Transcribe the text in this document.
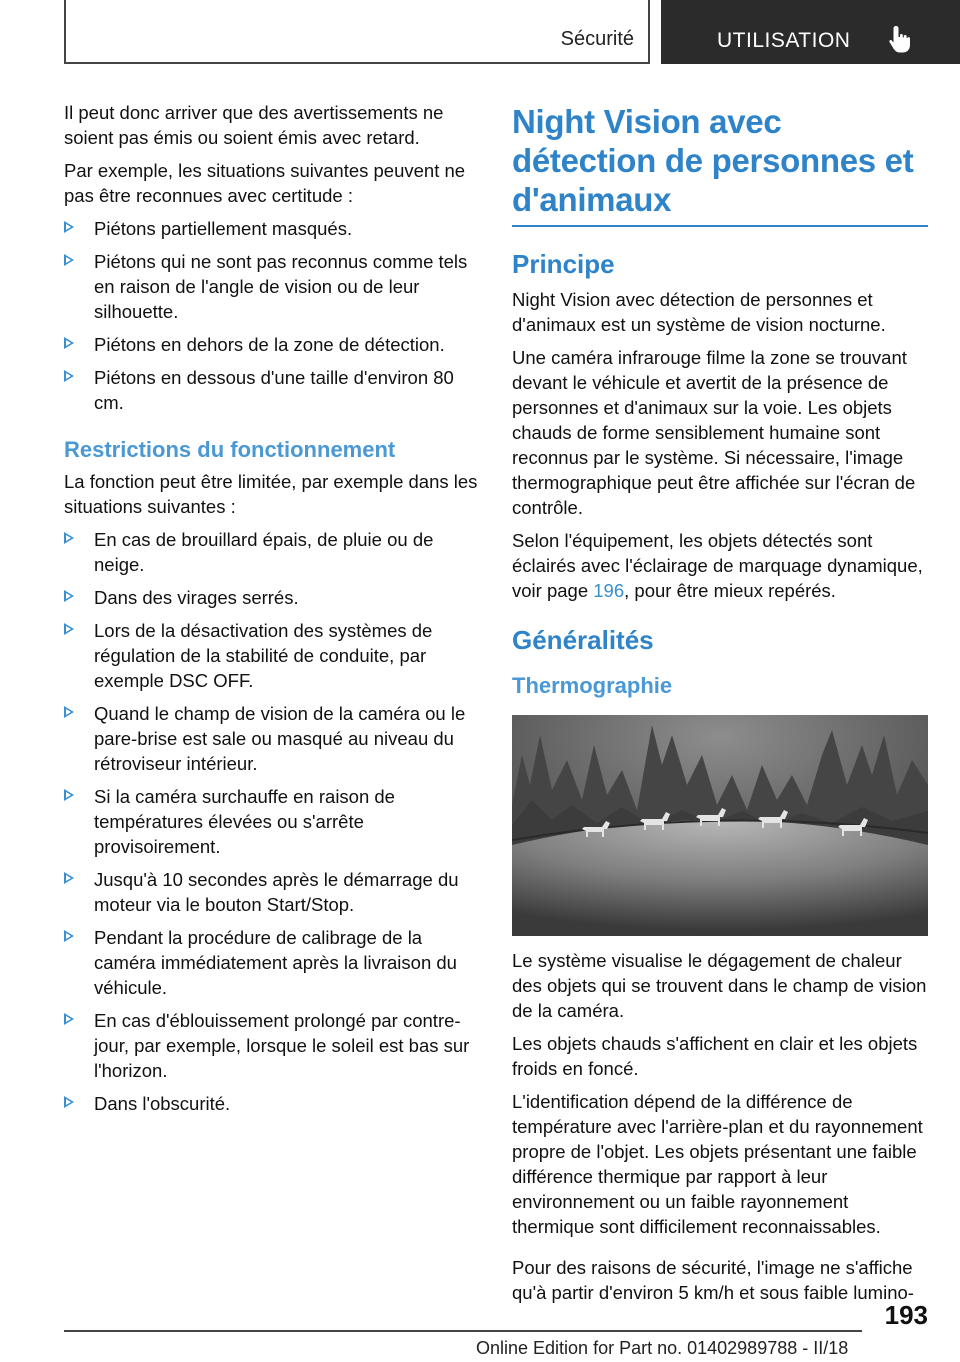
Sécurité	UTILISATION

Il peut donc arriver que des avertissements ne soient pas émis ou soient émis avec retard.

Par exemple, les situations suivantes peuvent ne pas être reconnues avec certitude :

Piétons partiellement masqués.
Piétons qui ne sont pas reconnus comme tels en raison de l'angle de vision ou de leur silhouette.
Piétons en dehors de la zone de détection.
Piétons en dessous d'une taille d'environ 80 cm.
Restrictions du fonctionnement

La fonction peut être limitée, par exemple dans les situations suivantes :

En cas de brouillard épais, de pluie ou de neige.
Dans des virages serrés.
Lors de la désactivation des systèmes de régulation de la stabilité de conduite, par exemple DSC OFF.
Quand le champ de vision de la caméra ou le pare-brise est sale ou masqué au niveau du rétroviseur intérieur.
Si la caméra surchauffe en raison de températures élevées ou s'arrête provisoirement.
Jusqu'à 10 secondes après le démarrage du moteur via le bouton Start/Stop.
Pendant la procédure de calibrage de la caméra immédiatement après la livraison du véhicule.
En cas d'éblouissement prolongé par contre-jour, par exemple, lorsque le soleil est bas sur l'horizon.
Dans l'obscurité.
Night Vision avec détection de personnes et d'animaux
Principe

Night Vision avec détection de personnes et d'animaux est un système de vision nocturne.

Une caméra infrarouge filme la zone se trouvant devant le véhicule et avertit de la présence de personnes et d'animaux sur la voie. Les objets chauds de forme sensiblement humaine sont reconnus par le système. Si nécessaire, l'image thermographique peut être affichée sur l'écran de contrôle.

Selon l'équipement, les objets détectés sont éclairés avec l'éclairage de marquage dynamique, voir page 196, pour être mieux repérés.

Généralités
Thermographie

Le système visualise le dégagement de chaleur des objets qui se trouvent dans le champ de vision de la caméra.

Les objets chauds s'affichent en clair et les objets froids en foncé.

L'identification dépend de la différence de température avec l'arrière-plan et du rayonnement propre de l'objet. Les objets présentant une faible différence thermique par rapport à leur environnement ou un faible rayonnement thermique sont difficilement reconnaissables.

Pour des raisons de sécurité, l'image ne s'affiche qu'à partir d'environ 5 km/h et sous faible lumino-

193
Online Edition for Part no. 01402989788 - II/18
